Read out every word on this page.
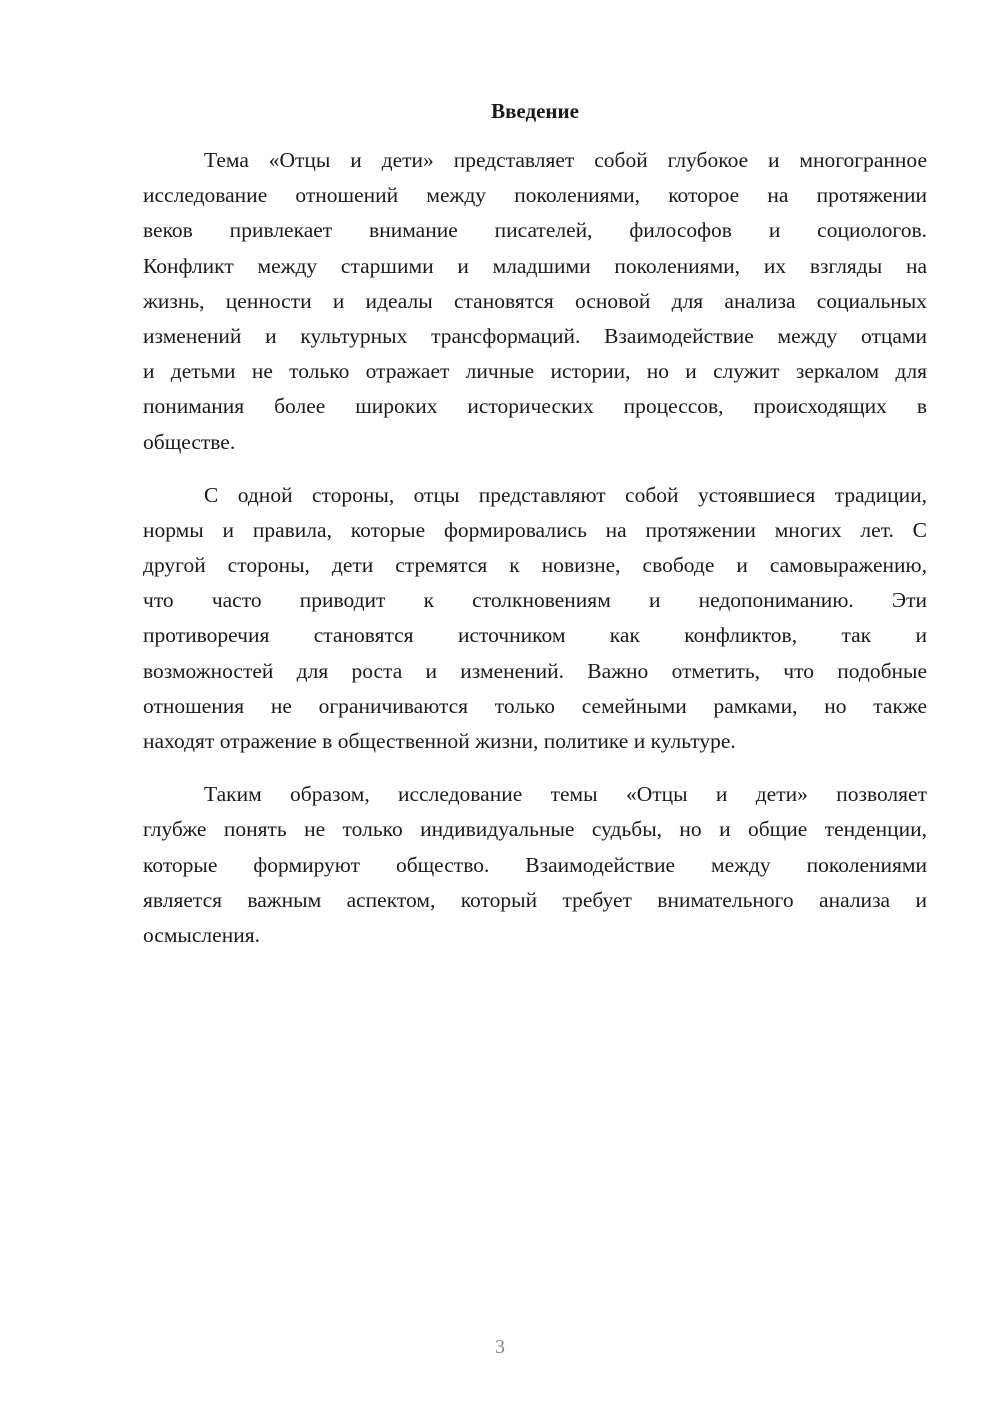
Введение

Тема «Отцы и дети» представляет собой глубокое и многогранное
исследование отношений между поколениями, которое на протяжении
веков привлекает внимание писателей, философов и социологов.
Конфликт между старшими и младшими поколениями, их взгляды на
жизнь, ценности и идеалы становятся основой для анализа социальных
изменений и культурных трансформаций. Взаимодействие между отцами
и детьми не только отражает личные истории, но и служит зеркалом для
понимания более широких исторических процессов, происходящих в
обществе.

С одной стороны, отцы представляют собой устоявшиеся традиции,
нормы и правила, которые формировались на протяжении многих лет. С
другой стороны, дети стремятся к новизне, свободе и самовыражению,
что часто приводит к столкновениям и недопониманию. Эти
противоречия становятся источником как конфликтов, так и
возможностей для роста и изменений. Важно отметить, что подобные
отношения не ограничиваются только семейными рамками, но также
находят отражение в общественной жизни, политике и культуре.

Таким образом, исследование темы «Отцы и дети» позволяет
глубже понять не только индивидуальные судьбы, но и общие тенденции,
которые формируют общество. Взаимодействие между поколениями
является важным аспектом, который требует внимательного анализа и
осмысления.

3
